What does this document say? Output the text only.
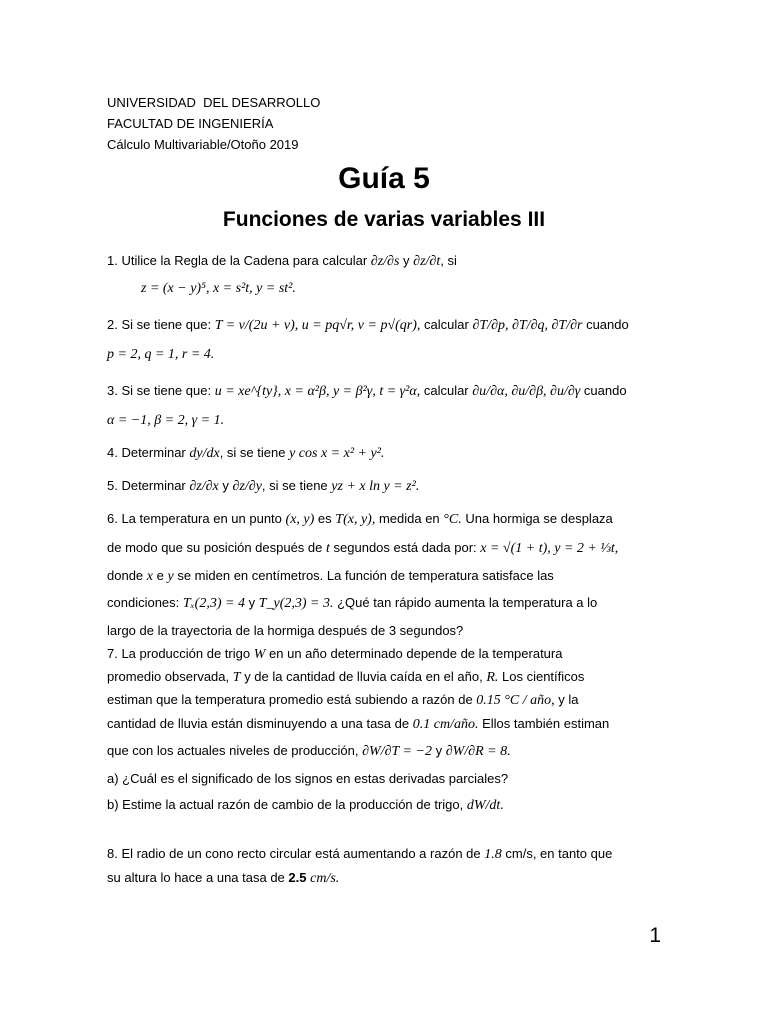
UNIVERSIDAD  DEL DESARROLLO
FACULTAD DE INGENIERÍA
Cálculo Multivariable/Otoño 2019
Guía 5
Funciones de varias variables III
1. Utilice la Regla de la Cadena para calcular ∂z/∂s y ∂z/∂t, si
z = (x − y)⁵, x = s²t, y = st².
2. Si se tiene que: T = v/(2u + v), u = pq√r, v = p√(qr), calcular ∂T/∂p, ∂T/∂q, ∂T/∂r cuando
p = 2, q = 1, r = 4.
3. Si se tiene que: u = xe^{ty}, x = α²β, y = β²γ, t = γ²α, calcular ∂u/∂α, ∂u/∂β, ∂u/∂γ cuando
α = −1, β = 2, γ = 1.
4. Determinar dy/dx, si se tiene y cos x = x² + y².
5. Determinar ∂z/∂x y ∂z/∂y, si se tiene yz + x ln y = z².
6. La temperatura en un punto (x, y) es T(x, y), medida en °C. Una hormiga se desplaza
de modo que su posición después de t segundos está dada por: x = √(1 + t), y = 2 + ⅓t,
donde x e y se miden en centímetros. La función de temperatura satisface las
condiciones: Tₓ(2,3) = 4 y T_y(2,3) = 3. ¿Qué tan rápido aumenta la temperatura a lo
largo de la trayectoria de la hormiga después de 3 segundos?
7. La producción de trigo W en un año determinado depende de la temperatura
promedio observada, T y de la cantidad de lluvia caída en el año, R. Los científicos
estiman que la temperatura promedio está subiendo a razón de 0.15 °C / año, y la
cantidad de lluvia están disminuyendo a una tasa de 0.1 cm/año. Ellos también estiman
que con los actuales niveles de producción, ∂W/∂T = −2 y ∂W/∂R = 8.
a) ¿Cuál es el significado de los signos en estas derivadas parciales?
b) Estime la actual razón de cambio de la producción de trigo, dW/dt.
8. El radio de un cono recto circular está aumentando a razón de 1.8 cm/s, en tanto que
su altura lo hace a una tasa de 2.5 cm/s.
1
